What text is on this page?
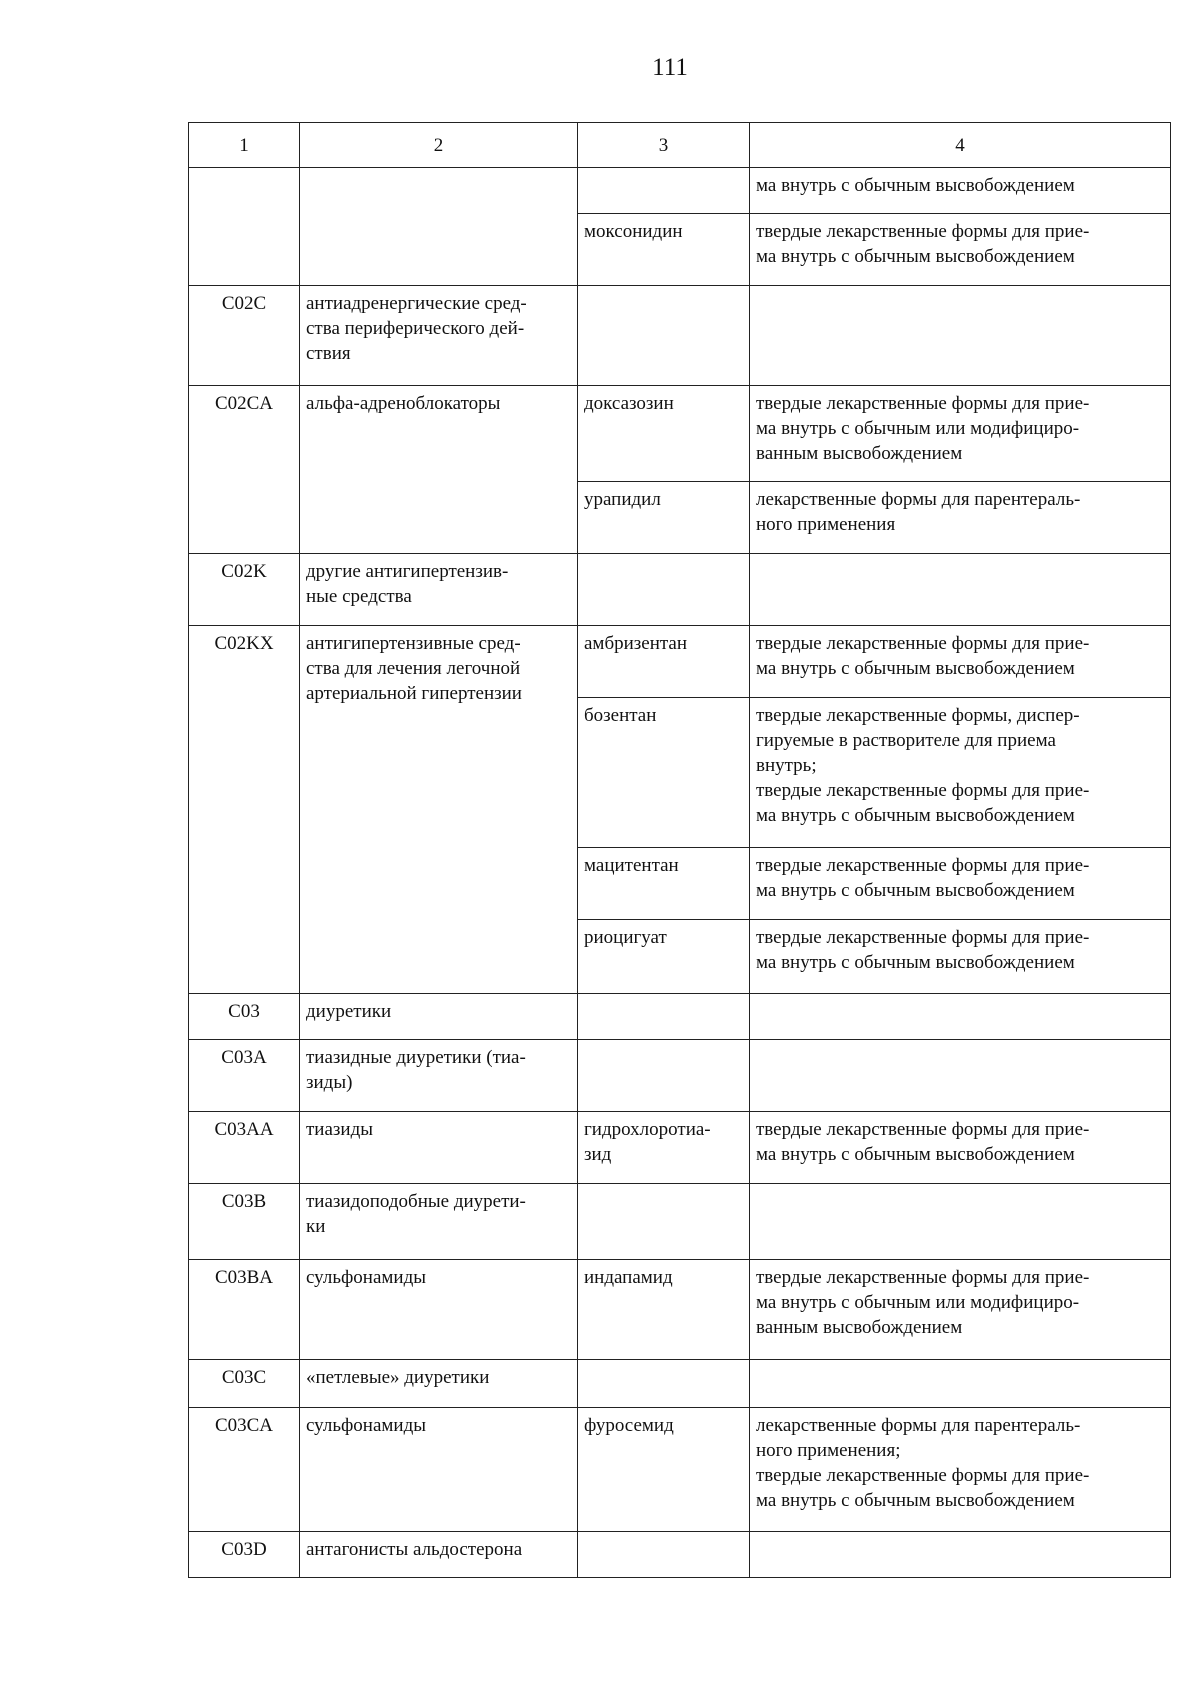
111
1	2	3	4
			ма внутрь с обычным высвобождением
		моксонидин	твердые лекарственные формы для прие-
ма внутрь с обычным высвобождением
C02C	антиадренергические сред-
ства периферического дей-
ствия		
C02CA	альфа-адреноблокаторы	доксазозин	твердые лекарственные формы для прие-
ма внутрь с обычным или модифициро-
ванным высвобождением
		урапидил	лекарственные формы для парентераль-
ного применения
C02K	другие антигипертензив-
ные средства		
C02KX	антигипертензивные сред-
ства для лечения легочной
артериальной гипертензии	амбризентан	твердые лекарственные формы для прие-
ма внутрь с обычным высвобождением
		бозентан	твердые лекарственные формы, диспер-
гируемые в растворителе для приема
внутрь;
твердые лекарственные формы для прие-
ма внутрь с обычным высвобождением
		мацитентан	твердые лекарственные формы для прие-
ма внутрь с обычным высвобождением
		риоцигуат	твердые лекарственные формы для прие-
ма внутрь с обычным высвобождением
C03	диуретики		
C03A	тиазидные диуретики (тиа-
зиды)		
C03AA	тиазиды	гидрохлоротиа-
зид	твердые лекарственные формы для прие-
ма внутрь с обычным высвобождением
C03B	тиазидоподобные диурети-
ки		
C03BA	сульфонамиды	индапамид	твердые лекарственные формы для прие-
ма внутрь с обычным или модифициро-
ванным высвобождением
C03C	«петлевые» диуретики		
C03CA	сульфонамиды	фуросемид	лекарственные формы для парентераль-
ного применения;
твердые лекарственные формы для прие-
ма внутрь с обычным высвобождением
C03D	антагонисты альдостерона		
